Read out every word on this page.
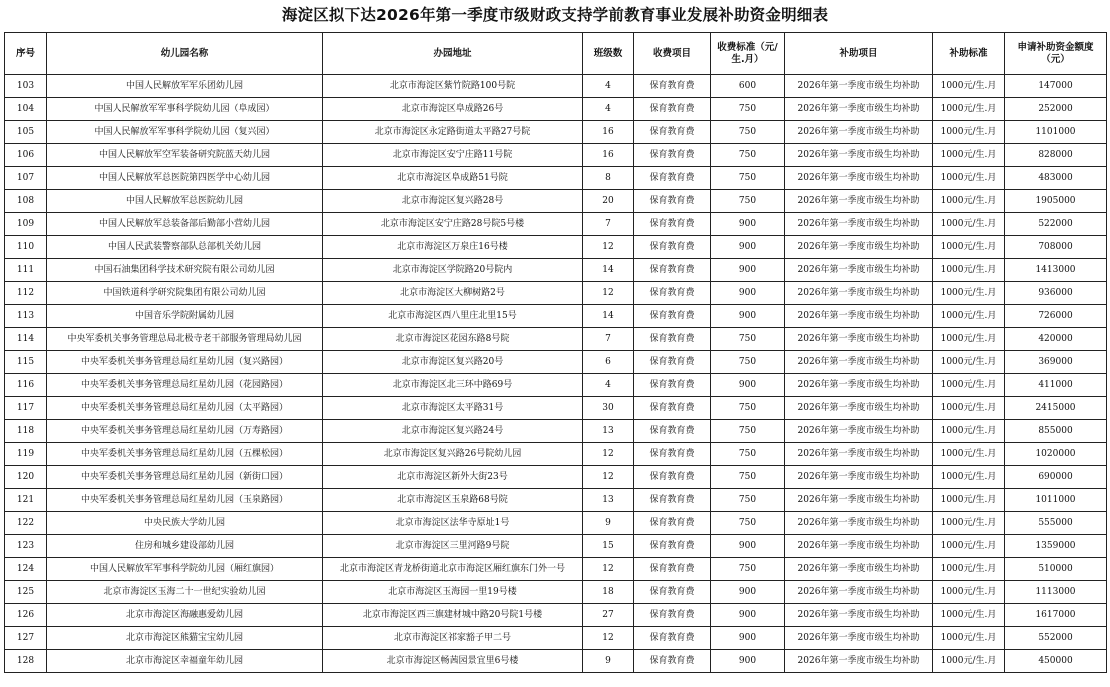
海淀区拟下达2026年第一季度市级财政支持学前教育事业发展补助资金明细表
序号	幼儿园名称	办园地址	班级数	收费项目	收费标准（元/生.月）	补助项目	补助标准	申请补助资金额度（元）
103	中国人民解放军军乐团幼儿园	北京市海淀区紫竹院路100号院	4	保育教育费	600	2026年第一季度市级生均补助	1000元/生.月	147000
104	中国人民解放军军事科学院幼儿园（阜成园）	北京市海淀区阜成路26号	4	保育教育费	750	2026年第一季度市级生均补助	1000元/生.月	252000
105	中国人民解放军军事科学院幼儿园（复兴园）	北京市海淀区永定路街道太平路27号院	16	保育教育费	750	2026年第一季度市级生均补助	1000元/生.月	1101000
106	中国人民解放军空军装备研究院蓝天幼儿园	北京市海淀区安宁庄路11号院	16	保育教育费	750	2026年第一季度市级生均补助	1000元/生.月	828000
107	中国人民解放军总医院第四医学中心幼儿园	北京市海淀区阜成路51号院	8	保育教育费	750	2026年第一季度市级生均补助	1000元/生.月	483000
108	中国人民解放军总医院幼儿园	北京市海淀区复兴路28号	20	保育教育费	750	2026年第一季度市级生均补助	1000元/生.月	1905000
109	中国人民解放军总装备部后勤部小营幼儿园	北京市海淀区安宁庄路28号院5号楼	7	保育教育费	900	2026年第一季度市级生均补助	1000元/生.月	522000
110	中国人民武装警察部队总部机关幼儿园	北京市海淀区万泉庄16号楼	12	保育教育费	900	2026年第一季度市级生均补助	1000元/生.月	708000
111	中国石油集团科学技术研究院有限公司幼儿园	北京市海淀区学院路20号院内	14	保育教育费	900	2026年第一季度市级生均补助	1000元/生.月	1413000
112	中国铁道科学研究院集团有限公司幼儿园	北京市海淀区大柳树路2号	12	保育教育费	900	2026年第一季度市级生均补助	1000元/生.月	936000
113	中国音乐学院附属幼儿园	北京市海淀区西八里庄北里15号	14	保育教育费	900	2026年第一季度市级生均补助	1000元/生.月	726000
114	中央军委机关事务管理总局北极寺老干部服务管理局幼儿园	北京市海淀区花园东路8号院	7	保育教育费	750	2026年第一季度市级生均补助	1000元/生.月	420000
115	中央军委机关事务管理总局红星幼儿园（复兴路园）	北京市海淀区复兴路20号	6	保育教育费	750	2026年第一季度市级生均补助	1000元/生.月	369000
116	中央军委机关事务管理总局红星幼儿园（花园路园）	北京市海淀区北三环中路69号	4	保育教育费	900	2026年第一季度市级生均补助	1000元/生.月	411000
117	中央军委机关事务管理总局红星幼儿园（太平路园）	北京市海淀区太平路31号	30	保育教育费	750	2026年第一季度市级生均补助	1000元/生.月	2415000
118	中央军委机关事务管理总局红星幼儿园（万寿路园）	北京市海淀区复兴路24号	13	保育教育费	750	2026年第一季度市级生均补助	1000元/生.月	855000
119	中央军委机关事务管理总局红星幼儿园（五棵松园）	北京市海淀区复兴路26号院幼儿园	12	保育教育费	750	2026年第一季度市级生均补助	1000元/生.月	1020000
120	中央军委机关事务管理总局红星幼儿园（新街口园）	北京市海淀区新外大街23号	12	保育教育费	750	2026年第一季度市级生均补助	1000元/生.月	690000
121	中央军委机关事务管理总局红星幼儿园（玉泉路园）	北京市海淀区玉泉路68号院	13	保育教育费	750	2026年第一季度市级生均补助	1000元/生.月	1011000
122	中央民族大学幼儿园	北京市海淀区法华寺原址1号	9	保育教育费	750	2026年第一季度市级生均补助	1000元/生.月	555000
123	住房和城乡建设部幼儿园	北京市海淀区三里河路9号院	15	保育教育费	900	2026年第一季度市级生均补助	1000元/生.月	1359000
124	中国人民解放军军事科学院幼儿园（厢红旗园）	北京市海淀区青龙桥街道北京市海淀区厢红旗东门外一号	12	保育教育费	750	2026年第一季度市级生均补助	1000元/生.月	510000
125	北京市海淀区玉海二十一世纪实验幼儿园	北京市海淀区玉海园一里19号楼	18	保育教育费	900	2026年第一季度市级生均补助	1000元/生.月	1113000
126	北京市海淀区海融惠爱幼儿园	北京市海淀区西三旗建材城中路20号院1号楼	27	保育教育费	900	2026年第一季度市级生均补助	1000元/生.月	1617000
127	北京市海淀区熊猫宝宝幼儿园	北京市海淀区祁家豁子甲二号	12	保育教育费	900	2026年第一季度市级生均补助	1000元/生.月	552000
128	北京市海淀区幸福童年幼儿园	北京市海淀区畅茜园景宜里6号楼	9	保育教育费	900	2026年第一季度市级生均补助	1000元/生.月	450000
